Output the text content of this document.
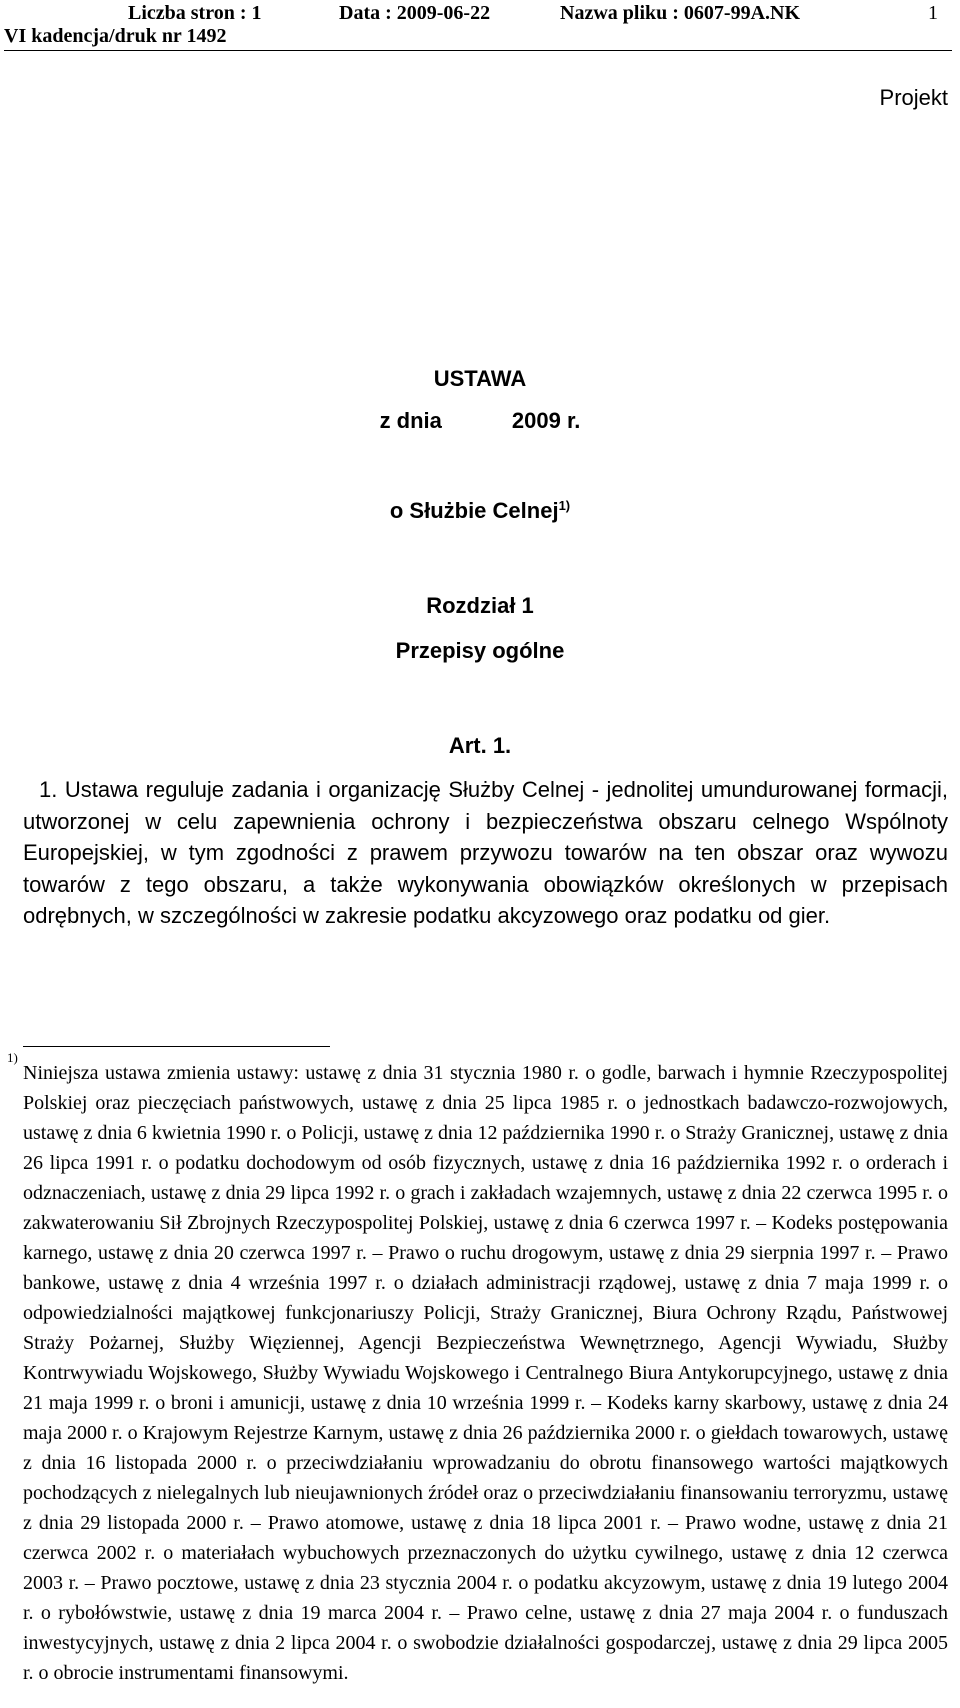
Liczba stron : 1	Data : 2009-06-22	Nazwa pliku : 0607-99A.NK	1
VI kadencja/druk nr 1492
Projekt
USTAWA
z dnia	2009 r.
o Służbie Celnej$^{1)}$
Rozdział 1
Przepisy ogólne
Art. 1.

1. Ustawa reguluje zadania i organizację Służby Celnej - jednolitej umundurowanej formacji, utworzonej w celu zapewnienia ochrony i bezpieczeństwa obszaru celnego Wspólnoty Europejskiej, w tym zgodności z prawem przywozu towarów na ten obszar oraz wywozu towarów z tego obszaru, a także wykonywania obowiązków określonych w przepisach odrębnych, w szczególności w zakresie podatku akcyzowego oraz podatku od gier.

1)
Niniejsza ustawa zmienia ustawy: ustawę z dnia 31 stycznia 1980 r. o godle, barwach i hymnie Rzeczypospolitej Polskiej oraz pieczęciach państwowych, ustawę z dnia 25 lipca 1985 r. o jednostkach badawczo-rozwojowych, ustawę z dnia 6 kwietnia 1990 r. o Policji, ustawę z dnia 12 października 1990 r. o Straży Granicznej, ustawę z dnia 26 lipca 1991 r. o podatku dochodowym od osób fizycznych, ustawę z dnia 16 października 1992 r. o orderach i odznaczeniach, ustawę z dnia 29 lipca 1992 r. o grach i zakładach wzajemnych, ustawę z dnia 22 czerwca 1995 r. o zakwaterowaniu Sił Zbrojnych Rzeczypospolitej Polskiej, ustawę z dnia 6 czerwca 1997 r. – Kodeks postępowania karnego, ustawę z dnia 20 czerwca 1997 r. – Prawo o ruchu drogowym, ustawę z dnia 29 sierpnia 1997 r. – Prawo bankowe, ustawę z dnia 4 września 1997 r. o działach administracji rządowej, ustawę z dnia 7 maja 1999 r. o odpowiedzialności majątkowej funkcjonariuszy Policji, Straży Granicznej, Biura Ochrony Rządu, Państwowej Straży Pożarnej, Służby Więziennej, Agencji Bezpieczeństwa Wewnętrznego, Agencji Wywiadu, Służby Kontrwywiadu Wojskowego, Służby Wywiadu Wojskowego i Centralnego Biura Antykorupcyjnego, ustawę z dnia 21 maja 1999 r. o broni i amunicji, ustawę z dnia 10 września 1999 r. – Kodeks karny skarbowy, ustawę z dnia 24 maja 2000 r. o Krajowym Rejestrze Karnym, ustawę z dnia 26 października 2000 r. o giełdach towarowych, ustawę z dnia 16 listopada 2000 r. o przeciwdziałaniu wprowadzaniu do obrotu finansowego wartości majątkowych pochodzących z nielegalnych lub nieujawnionych źródeł oraz o przeciwdziałaniu finansowaniu terroryzmu, ustawę z dnia 29 listopada 2000 r. – Prawo atomowe, ustawę z dnia 18 lipca 2001 r. – Prawo wodne, ustawę z dnia 21 czerwca 2002 r. o materiałach wybuchowych przeznaczonych do użytku cywilnego, ustawę z dnia 12 czerwca 2003 r. – Prawo pocztowe, ustawę z dnia 23 stycznia 2004 r. o podatku akcyzowym, ustawę z dnia 19 lutego 2004 r. o rybołówstwie, ustawę z dnia 19 marca 2004 r. – Prawo celne, ustawę z dnia 27 maja 2004 r. o funduszach inwestycyjnych, ustawę z dnia 2 lipca 2004 r. o swobodzie działalności gospodarczej, ustawę z dnia 29 lipca 2005 r. o obrocie instrumentami finansowymi.
